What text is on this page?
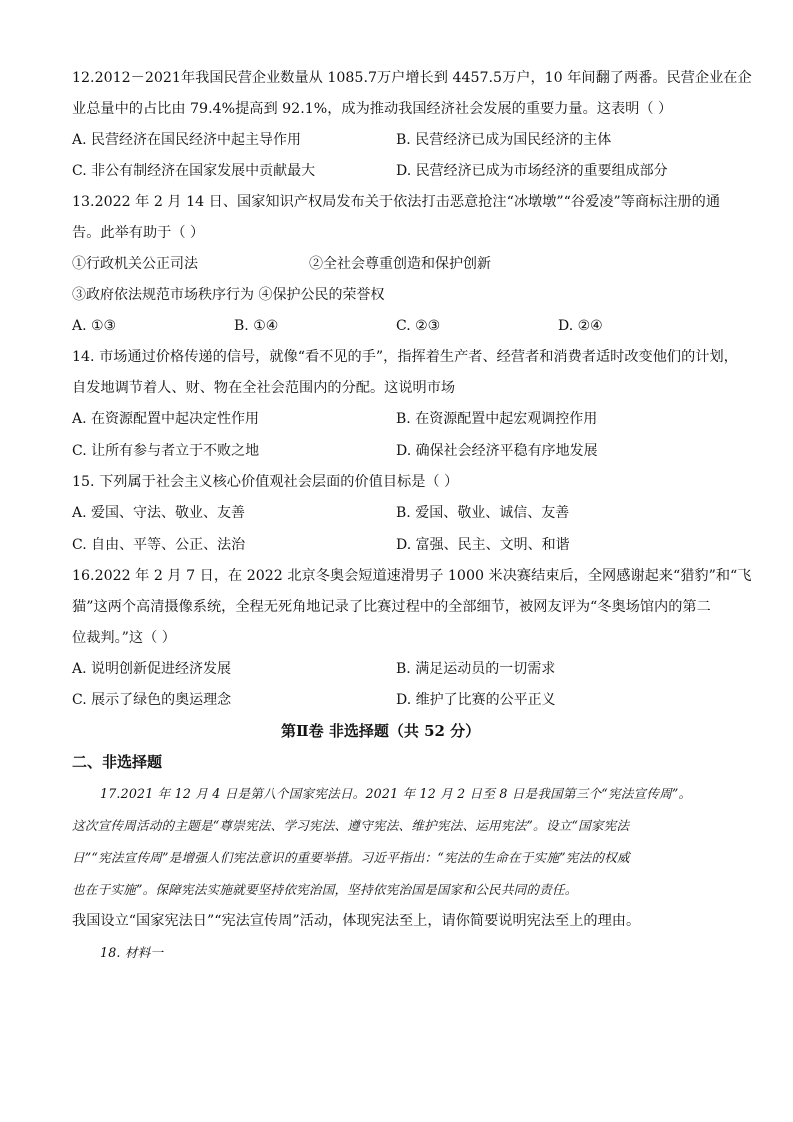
12.2012－2021年我国民营企业数量从 1085.7万户增长到 4457.5万户，10 年间翻了两番。民营企业在企
业总量中的占比由 79.4%提高到 92.1%，成为推动我国经济社会发展的重要力量。这表明（ ）
A. 民营经济在国民经济中起主导作用	B. 民营经济已成为国民经济的主体
C. 非公有制经济在国家发展中贡献最大	D. 民营经济已成为市场经济的重要组成部分
13.2022 年 2 月 14 日、国家知识产权局发布关于依法打击恶意抢注“冰墩墩”“谷爱凌”等商标注册的通
告。此举有助于（ ）
①行政机关公正司法	②全社会尊重创造和保护创新
③政府依法规范市场秩序行为 ④保护公民的荣誉权
A. ①③	B. ①④	C. ②③	D. ②④
14. 市场通过价格传递的信号，就像“看不见的手”，指挥着生产者、经营者和消费者适时改变他们的计划，
自发地调节着人、财、物在全社会范围内的分配。这说明市场
A. 在资源配置中起决定性作用	B. 在资源配置中起宏观调控作用
C. 让所有参与者立于不败之地	D. 确保社会经济平稳有序地发展
15. 下列属于社会主义核心价值观社会层面的价值目标是（ ）
A. 爱国、守法、敬业、友善	B. 爱国、敬业、诚信、友善
C. 自由、平等、公正、法治	D. 富强、民主、文明、和谐
16.2022 年 2 月 7 日，在 2022 北京冬奥会短道速滑男子 1000 米决赛结束后，全网感谢起来“猎豹”和“飞
猫”这两个高清摄像系统，全程无死角地记录了比赛过程中的全部细节，被网友评为“冬奥场馆内的第二
位裁判。”这（ ）
A. 说明创新促进经济发展	B. 满足运动员的一切需求
C. 展示了绿色的奥运理念	D. 维护了比赛的公平正义
第Ⅱ卷 非选择题（共 52 分）
二、非选择题
17.2021 年 12 月 4 日是第八个国家宪法日。2021 年 12 月 2 日至 8 日是我国第三个“宪法宣传周”。
这次宣传周活动的主题是“尊崇宪法、学习宪法、遵守宪法、维护宪法、运用宪法”。设立“国家宪法
日”“宪法宣传周”是增强人们宪法意识的重要举措。习近平指出：“宪法的生命在于实施”宪法的权威
也在于实施”。保障宪法实施就要坚持依宪治国，坚持依宪治国是国家和公民共同的责任。
我国设立“国家宪法日”“宪法宣传周”活动，体现宪法至上，请你简要说明宪法至上的理由。
18. 材料一
